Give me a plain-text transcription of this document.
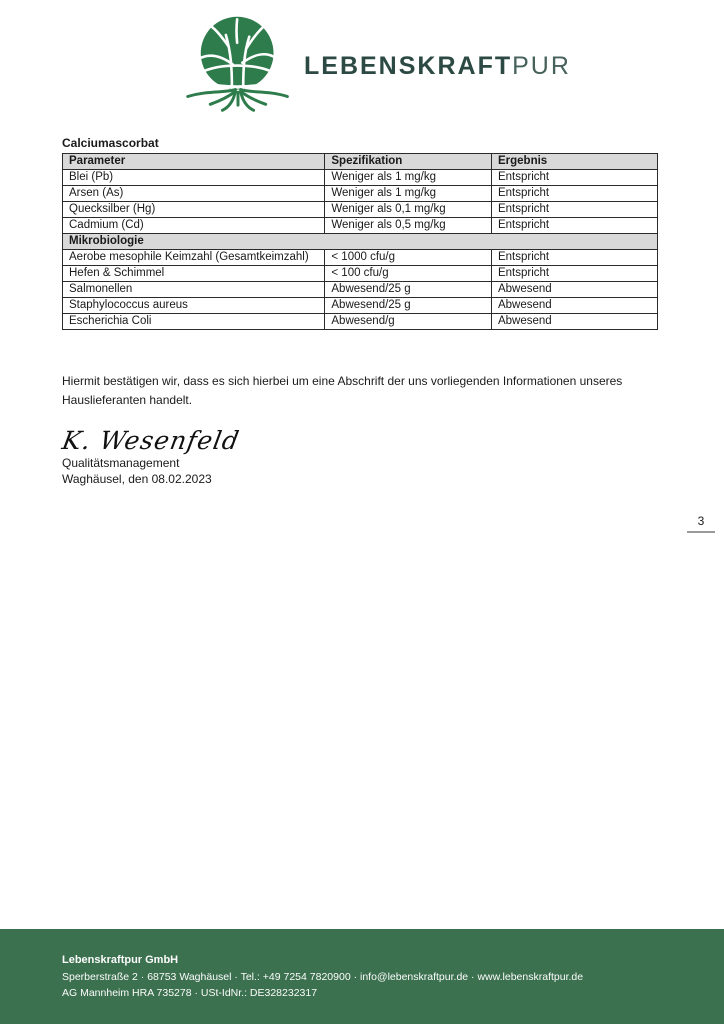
LEBENSKRAFTPUR
Calciumascorbat
Parameter	Spezifikation	Ergebnis
Blei (Pb)	Weniger als 1 mg/kg	Entspricht
Arsen (As)	Weniger als 1 mg/kg	Entspricht
Quecksilber (Hg)	Weniger als 0,1 mg/kg	Entspricht
Cadmium (Cd)	Weniger als 0,5 mg/kg	Entspricht
Mikrobiologie		
Aerobe mesophile Keimzahl (Gesamtkeimzahl)	< 1000 cfu/g	Entspricht
Hefen & Schimmel	< 100 cfu/g	Entspricht
Salmonellen	Abwesend/25 g	Abwesend
Staphylococcus aureus	Abwesend/25 g	Abwesend
Escherichia Coli	Abwesend/g	Abwesend
Hiermit bestätigen wir, dass es sich hierbei um eine Abschrift der uns vorliegenden Informationen unseres Hauslieferanten handelt.
K. Wesenfeld
Qualitätsmanagement
Waghäusel, den 08.02.2023
3
Lebenskraftpur GmbH
Sperberstraße 2 · 68753 Waghäusel · Tel.: +49 7254 7820900 · info@lebenskraftpur.de · www.lebenskraftpur.de
AG Mannheim HRA 735278 · USt-IdNr.: DE328232317
